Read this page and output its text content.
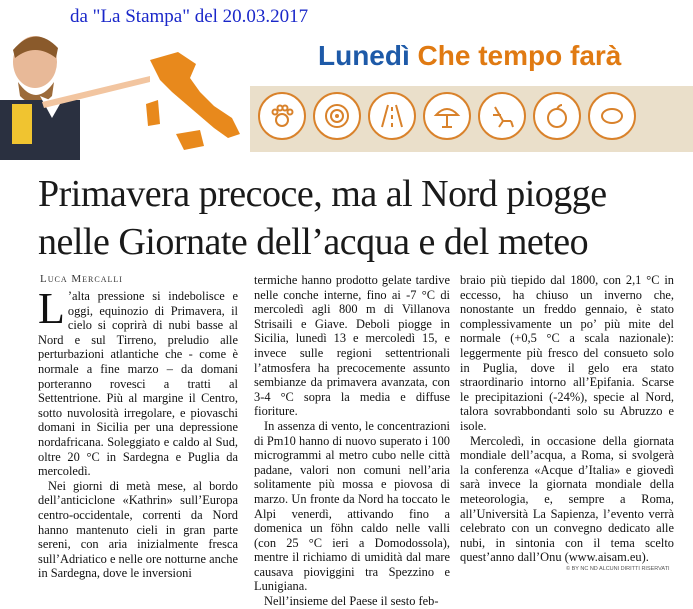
da "La Stampa" del 20.03.2017
Lunedì Che tempo farà
Primavera precoce, ma al Nord piogge
nelle Giornate dell’acqua e del meteo
Luca Mercalli

L ’alta pressione si indebolisce e oggi, equinozio di Primavera, il cielo si coprirà di nubi basse al Nord e sul Tirreno, preludio alle perturbazioni atlantiche che - come è normale a fine marzo – da domani porteranno rovesci a tratti al Settentrione. Più al margine il Centro, sotto nuvolosità irregolare, e piovaschi domani in Sicilia per una depressione nordafricana. Soleggiato e caldo al Sud, oltre 20 °C in Sardegna e Puglia da mercoledì.

Nei giorni di metà mese, al bordo dell’anticiclone «Kathrin» sull’Europa centro-occidentale, correnti da Nord hanno mantenuto cieli in gran parte sereni, con aria inizialmente fresca sull’Adriatico e nelle ore notturne anche in Sardegna, dove le inversioni

termiche hanno prodotto gelate tardive nelle conche interne, fino ai -7 °C di mercoledì agli 800 m di Villanova Strisaili e Giave. Deboli piogge in Sicilia, lunedì 13 e mercoledì 15, e invece sulle regioni settentrionali l’atmosfera ha precocemente assunto sembianze da primavera avanzata, con 3-4 °C sopra la media e diffuse fioriture.

In assenza di vento, le concentrazioni di Pm10 hanno di nuovo superato i 100 microgrammi al metro cubo nelle città padane, valori non comuni nell’aria solitamente più mossa e piovosa di marzo. Un fronte da Nord ha toccato le Alpi venerdì, attivando fino a domenica un föhn caldo nelle valli (con 25 °C ieri a Domodossola), mentre il richiamo di umidità dal mare causava pioviggini tra Spezzino e Lunigiana.

Nell’insieme del Paese il sesto feb-

braio più tiepido dal 1800, con 2,1 °C in eccesso, ha chiuso un inverno che, nonostante un freddo gennaio, è stato complessivamente un po’ più mite del normale (+0,5 °C a scala nazionale): leggermente più fresco del consueto solo in Puglia, dove il gelo era stato straordinario intorno all’Epifania. Scarse le precipitazioni (-24%), specie al Nord, talora sovrabbondanti solo su Abruzzo e isole.

Mercoledì, in occasione della giornata mondiale dell’acqua, a Roma, si svolgerà la conferenza «Acque d’Italia» e giovedì sarà invece la giornata mondiale della meteorologia, e, sempre a Roma, all’Università La Sapienza, l’evento verrà celebrato con un convegno dedicato alle nubi, in sintonia con il tema scelto quest’anno dall’Onu (www.aisam.eu).

© BY NC ND ALCUNI DIRITTI RISERVATI
